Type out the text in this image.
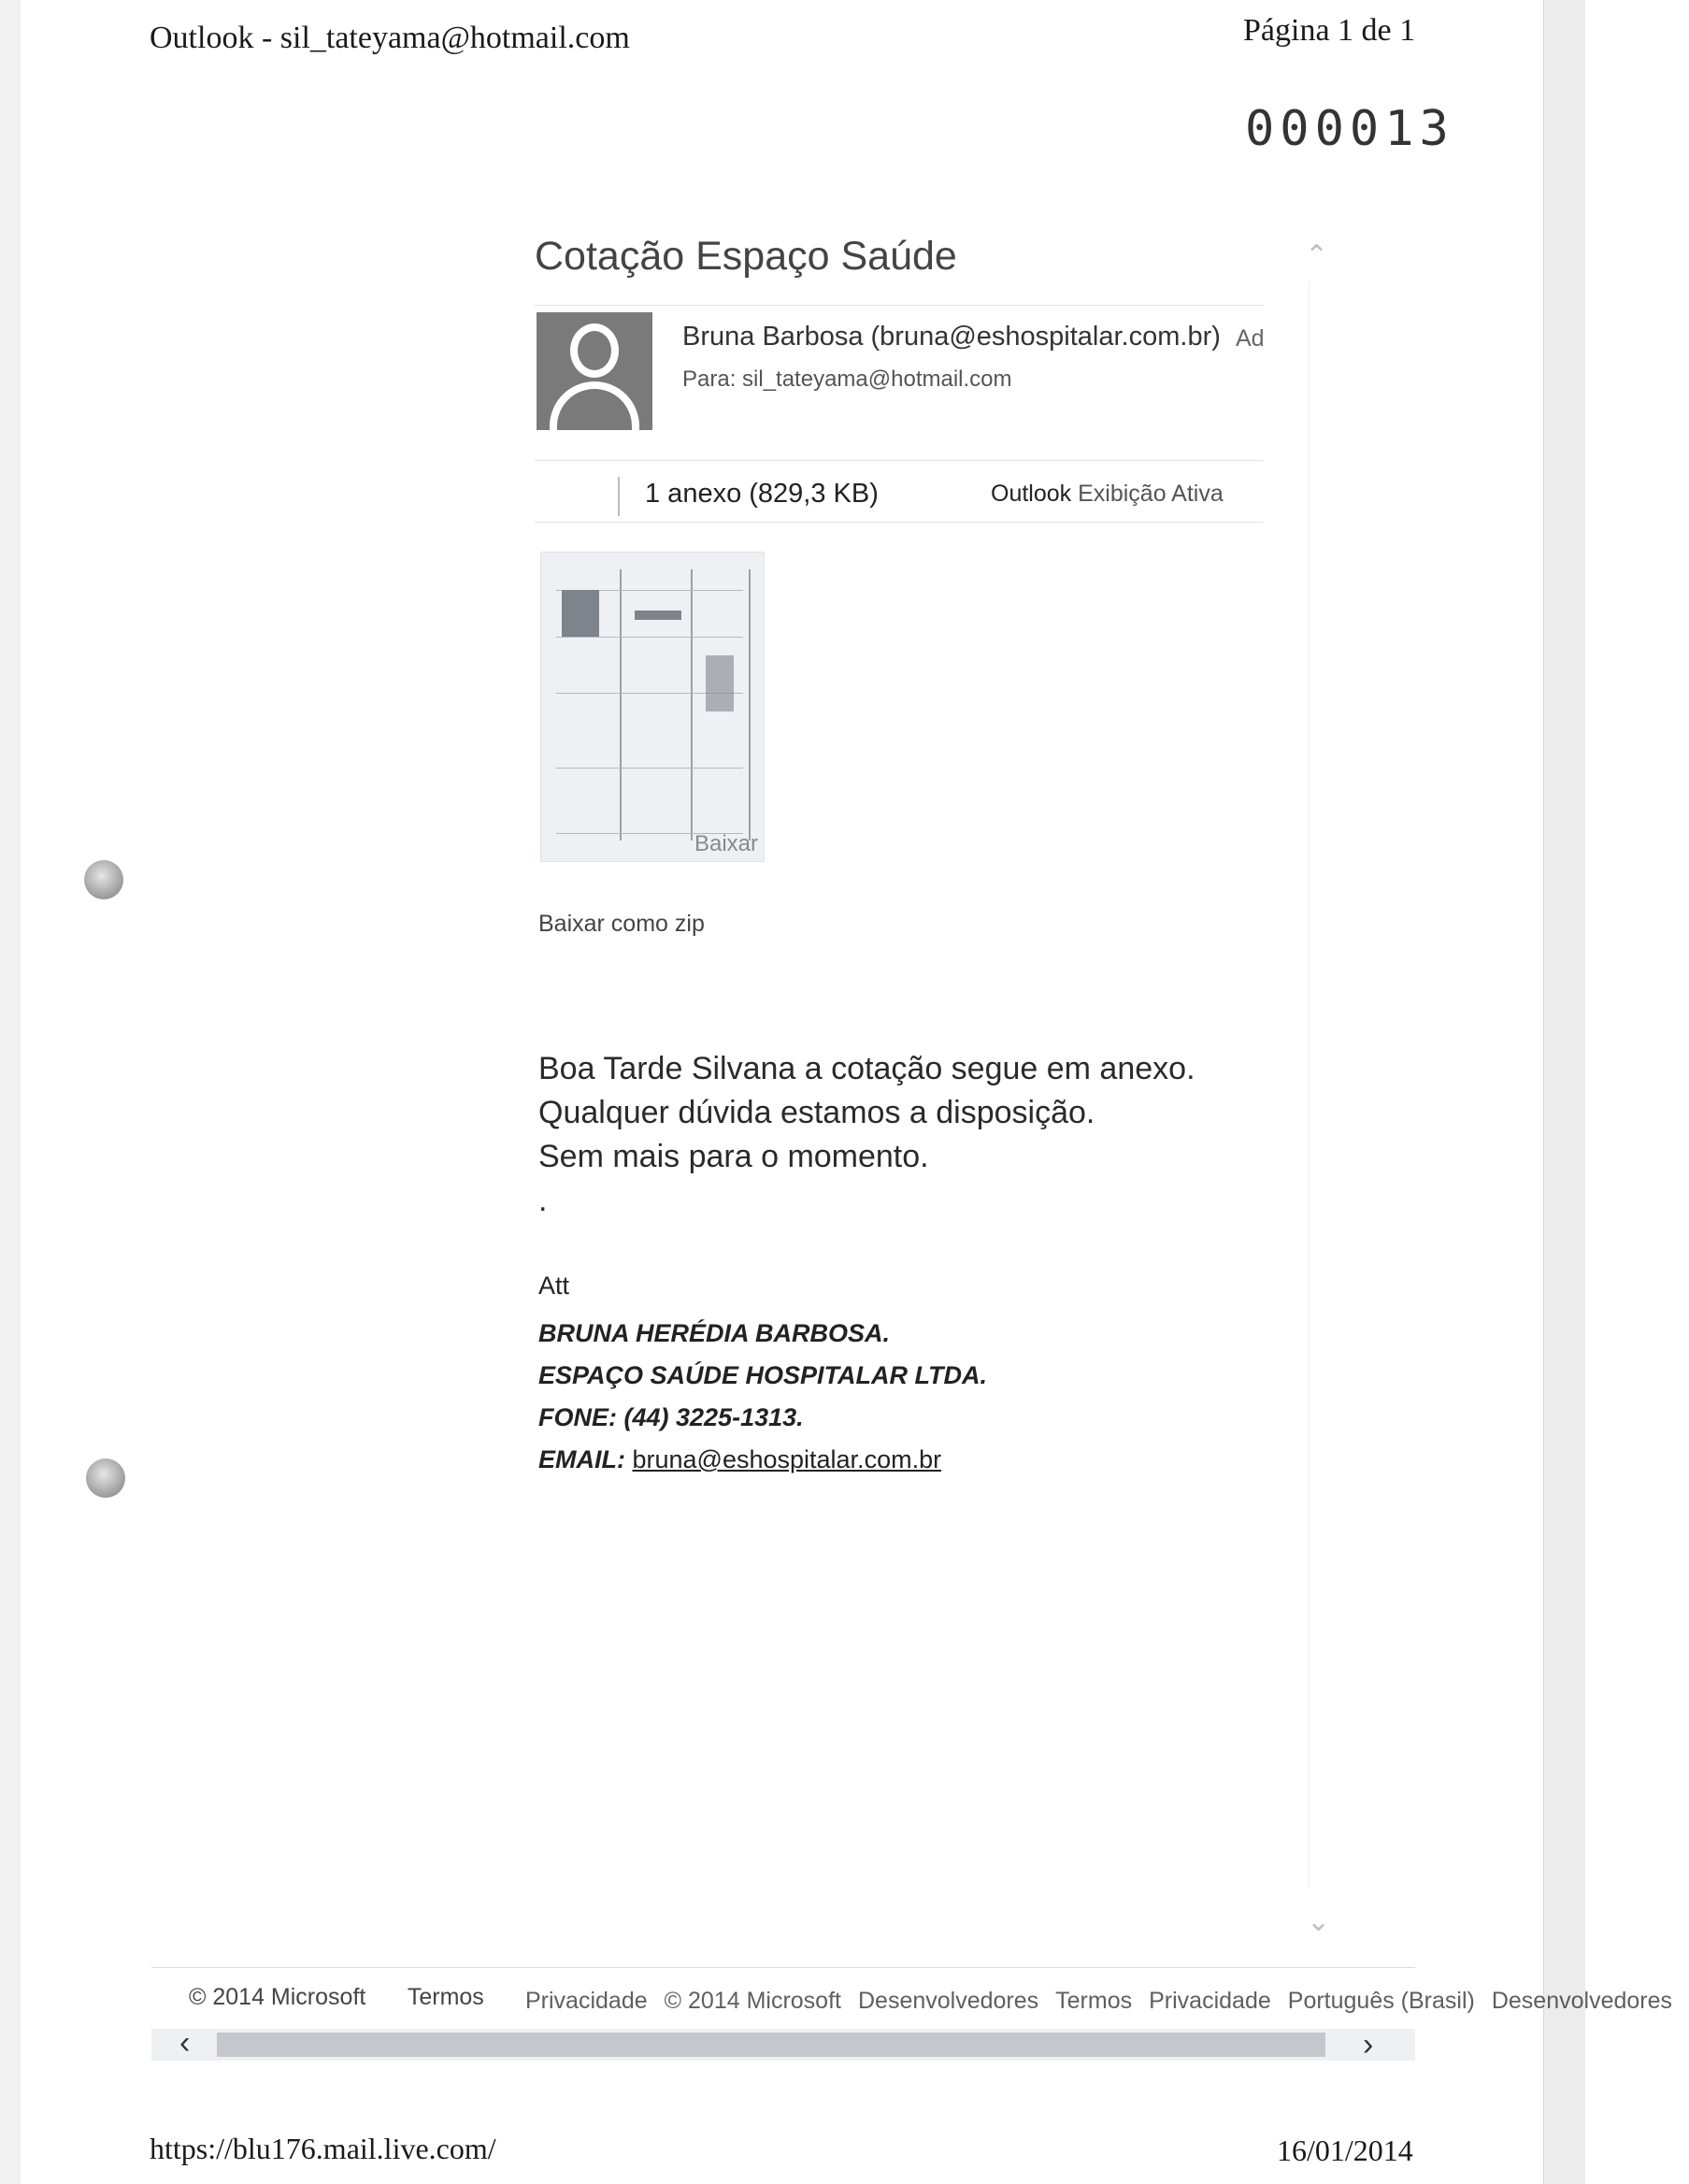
Outlook - sil_tateyama@hotmail.com	Página 1 de 1
000013
Cotação Espaço Saúde
Bruna Barbosa (bruna@eshospitalar.com.br) Ad
Para: sil_tateyama@hotmail.com
1 anexo (829,3 KB)	Outlook Exibição Ativa
Baixar
Baixar como zip
Boa Tarde Silvana a cotação segue em anexo.
Qualquer dúvida estamos a disposição.
Sem mais para o momento.
.
Att
BRUNA HERÉDIA BARBOSA.
ESPAÇO SAÚDE HOSPITALAR LTDA.
FONE: (44) 3225-1313.
EMAIL: bruna@eshospitalar.com.br
⌃
⌄
© 2014 Microsoft Termos	Privacidade © 2014 Microsoft Desenvolvedores Termos Privacidade Português (Brasil) Desenvolvedores
‹	›
https://blu176.mail.live.com/	16/01/2014
